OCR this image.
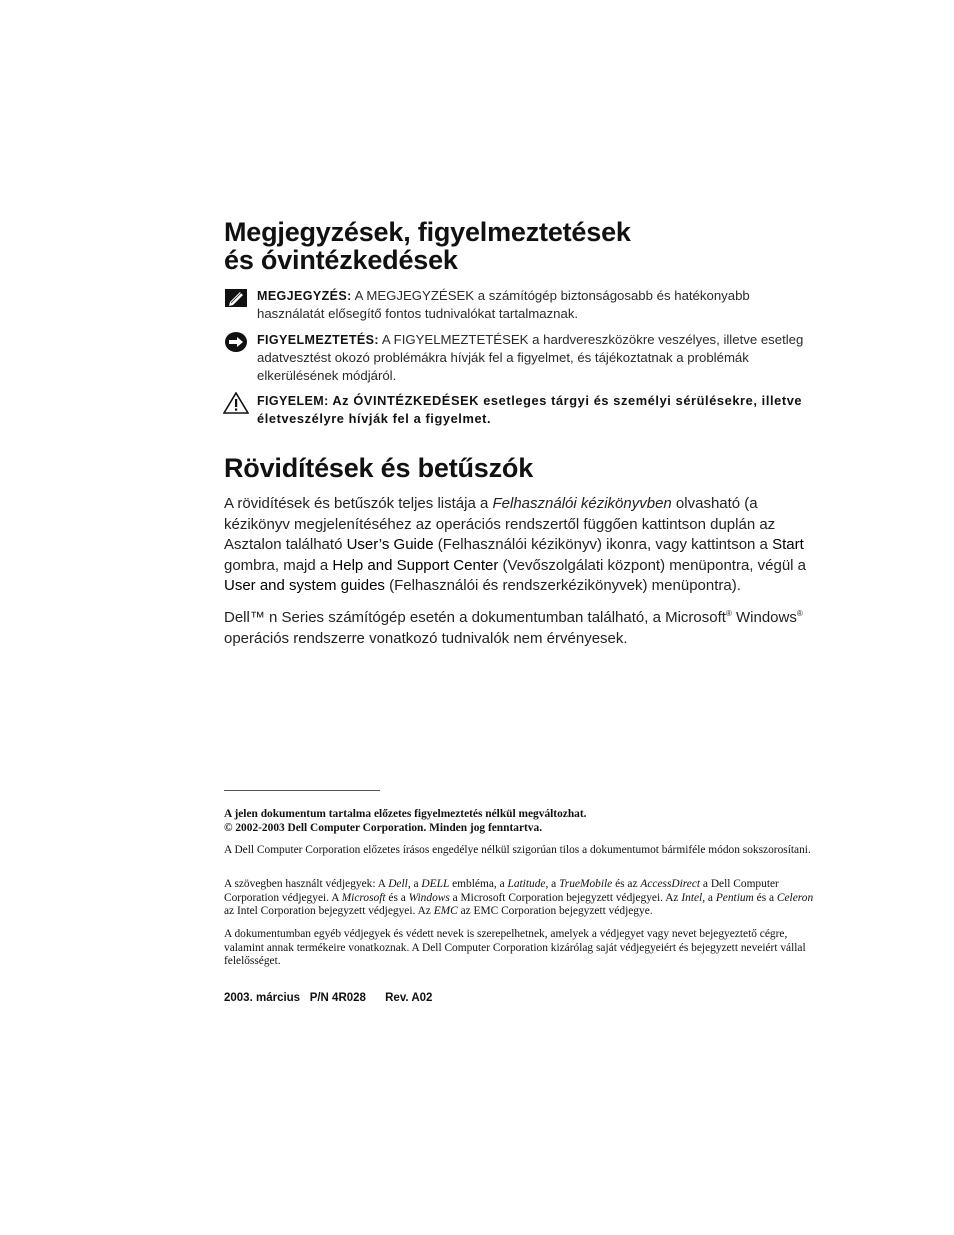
Megjegyzések, figyelmeztetések
és óvintézkedések
MEGJEGYZÉS: A MEGJEGYZÉSEK a számítógép biztonságosabb és hatékonyabb használatát elősegítő fontos tudnivalókat tartalmaznak.
FIGYELMEZTETÉS: A FIGYELMEZTETÉSEK a hardvereszközökre veszélyes, illetve esetleg adatvesztést okozó problémákra hívják fel a figyelmet, és tájékoztatnak a problémák elkerülésének módjáról.
FIGYELEM: Az ÓVINTÉZKEDÉSEK esetleges tárgyi és személyi sérülésekre, illetve életveszélyre hívják fel a figyelmet.
Rövidítések és betűszók
A rövidítések és betűszók teljes listája a Felhasználói kézikönyvben olvasható (a kézikönyv megjelenítéséhez az operációs rendszertől függően kattintson duplán az Asztalon található User’s Guide (Felhasználói kézikönyv) ikonra, vagy kattintson a Start gombra, majd a Help and Support Center (Vevőszolgálati központ) menüpontra, végül a User and system guides (Felhasználói és rendszerkézikönyvek) menüpontra).
Dell™ n Series számítógép esetén a dokumentumban található, a Microsoft® Windows® operációs rendszerre vonatkozó tudnivalók nem érvényesek.
A jelen dokumentum tartalma előzetes figyelmeztetés nélkül megváltozhat.
© 2002-2003 Dell Computer Corporation. Minden jog fenntartva.
A Dell Computer Corporation előzetes írásos engedélye nélkül szigorúan tilos a dokumentumot bármiféle módon sokszorosítani.
A szövegben használt védjegyek: A Dell, a DELL embléma, a Latitude, a TrueMobile és az AccessDirect a Dell Computer Corporation védjegyei. A Microsoft és a Windows a Microsoft Corporation bejegyzett védjegyei. Az Intel, a Pentium és a Celeron az Intel Corporation bejegyzett védjegyei. Az EMC az EMC Corporation bejegyzett védjegye.
A dokumentumban egyéb védjegyek és védett nevek is szerepelhetnek, amelyek a védjegyet vagy nevet bejegyeztető cégre, valamint annak termékeire vonatkoznak. A Dell Computer Corporation kizárólag saját védjegyeiért és bejegyzett neveiért vállal felelősséget.
2003. március P/N 4R028 Rev. A02
